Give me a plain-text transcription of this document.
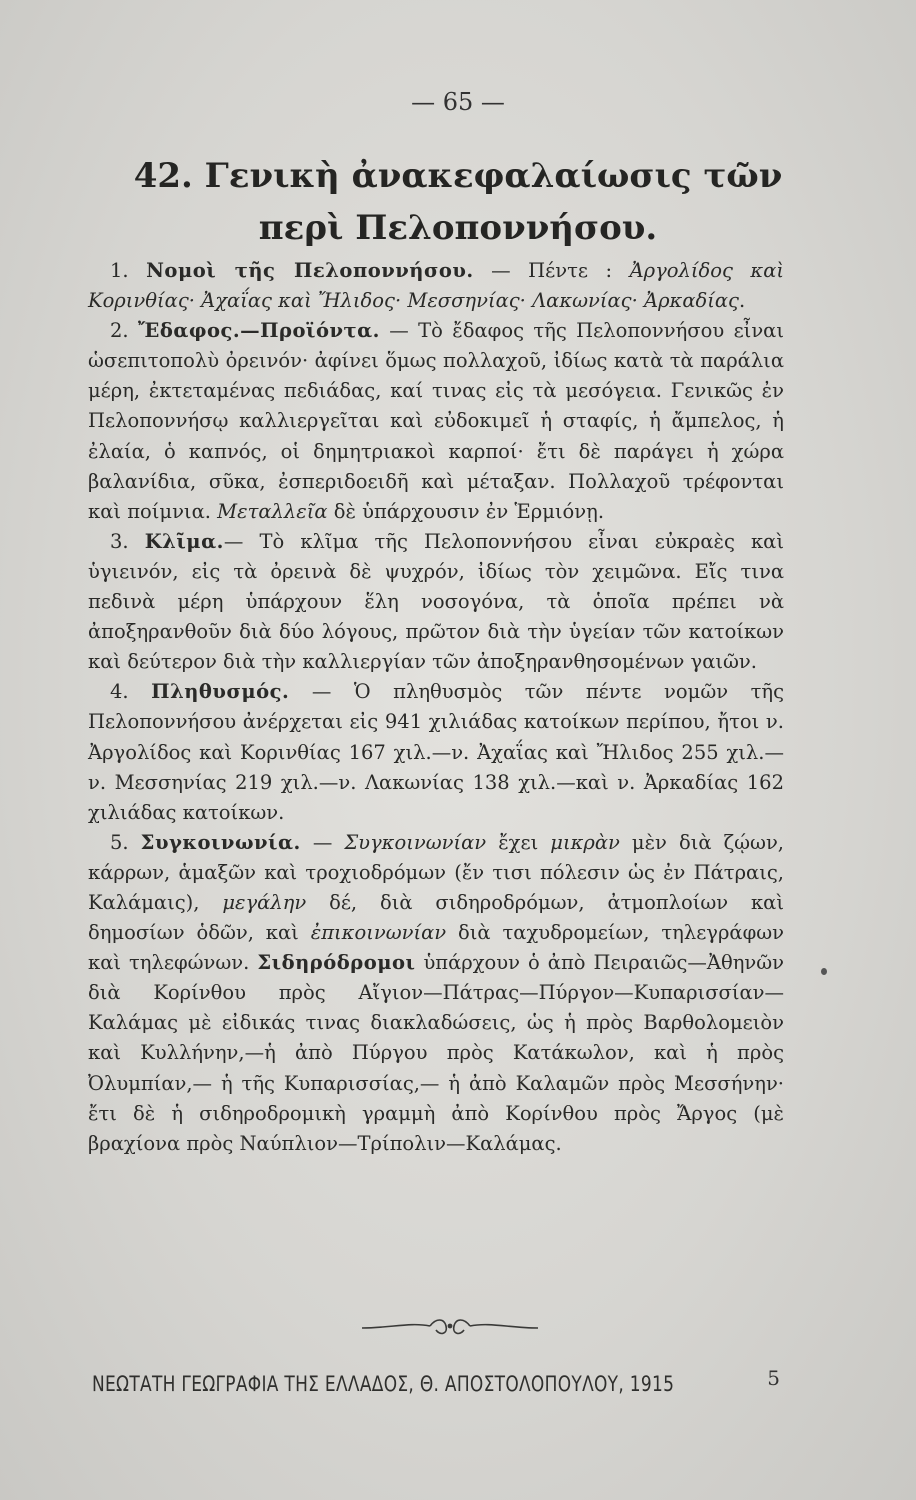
— 65 —
42. Γενικὴ ἀνακεφαλαίωσις τῶν
περὶ Πελοποννήσου.

1. Νομοὶ τῆς Πελοποννήσου. — Πέντε : Ἀργολίδος καὶ Κορινθίας· Ἀχαΐας καὶ Ἤλιδος· Μεσσηνίας· Λακωνίας· Ἀρκαδίας.

2. Ἔδαφος.—Προϊόντα. — Τὸ ἔδαφος τῆς Πελοποννήσου εἶναι ὡσεπιτοπολὺ ὀρεινόν· ἀφίνει ὅμως πολλαχοῦ, ἰδίως κατὰ τὰ παράλια μέρη, ἐκτεταμένας πεδιάδας, καί τινας εἰς τὰ μεσόγεια. Γενικῶς ἐν Πελοποννήσῳ καλλιεργεῖται καὶ εὐδοκιμεῖ ἡ σταφίς, ἡ ἄμπελος, ἡ ἐλαία, ὁ καπνός, οἱ δημητριακοὶ καρποί· ἔτι δὲ παράγει ἡ χώρα βαλανίδια, σῦκα, ἐσπεριδοειδῆ καὶ μέταξαν. Πολλαχοῦ τρέφονται καὶ ποίμνια. Μεταλλεῖα δὲ ὑπάρχουσιν ἐν Ἑρμιόνῃ.

3. Κλῖμα.— Τὸ κλῖμα τῆς Πελοποννήσου εἶναι εὐκραὲς καὶ ὑγιεινόν, εἰς τὰ ὀρεινὰ δὲ ψυχρόν, ἰδίως τὸν χειμῶνα. Εἴς τινα πεδινὰ μέρη ὑπάρχουν ἕλη νοσογόνα, τὰ ὁποῖα πρέπει νὰ ἀποξηρανθοῦν διὰ δύο λόγους, πρῶτον διὰ τὴν ὑγείαν τῶν κατοίκων καὶ δεύτερον διὰ τὴν καλλιεργίαν τῶν ἀποξηρανθησομένων γαιῶν.

4. Πληθυσμός. — Ὁ πληθυσμὸς τῶν πέντε νομῶν τῆς Πελοποννήσου ἀνέρχεται εἰς 941 χιλιάδας κατοίκων περίπου, ἤτοι ν. Ἀργολίδος καὶ Κορινθίας 167 χιλ.—ν. Ἀχαΐας καὶ Ἤλιδος 255 χιλ.—ν. Μεσσηνίας 219 χιλ.—ν. Λακωνίας 138 χιλ.—καὶ ν. Ἀρκαδίας 162 χιλιάδας κατοίκων.

5. Συγκοινωνία. — Συγκοινωνίαν ἔχει μικρὰν μὲν διὰ ζῴων, κάρρων, ἁμαξῶν καὶ τροχιοδρόμων (ἔν τισι πόλεσιν ὡς ἐν Πάτραις, Καλάμαις), μεγάλην δέ, διὰ σιδηροδρόμων, ἀτμοπλοίων καὶ δημοσίων ὁδῶν, καὶ ἐπικοινωνίαν διὰ ταχυδρομείων, τηλεγράφων καὶ τηλεφώνων. Σιδηρόδρομοι ὑπάρχουν ὁ ἀπὸ Πειραιῶς—Ἀθηνῶν διὰ Κορίνθου πρὸς Αἴγιον—Πάτρας—Πύργον—Κυπαρισσίαν—Καλάμας μὲ εἰδικάς τινας διακλαδώσεις, ὡς ἡ πρὸς Βαρθολομειὸν καὶ Κυλλήνην,—ἡ ἀπὸ Πύργου πρὸς Κατάκωλον, καὶ ἡ πρὸς Ὀλυμπίαν,— ἡ τῆς Κυπαρισσίας,— ἡ ἀπὸ Καλαμῶν πρὸς Μεσσήνην· ἔτι δὲ ἡ σιδηροδρομικὴ γραμμὴ ἀπὸ Κορίνθου πρὸς Ἄργος (μὲ βραχίονα πρὸς Ναύπλιον—Τρίπολιν—Καλάμας.

ΝΕΩΤΑΤΗ ΓΕΩΓΡΑΦΙΑ ΤΗΣ ΕΛΛΑΔΟΣ, Θ. ΑΠΟΣΤΟΛΟΠΟΥΛΟΥ, 1915	5
